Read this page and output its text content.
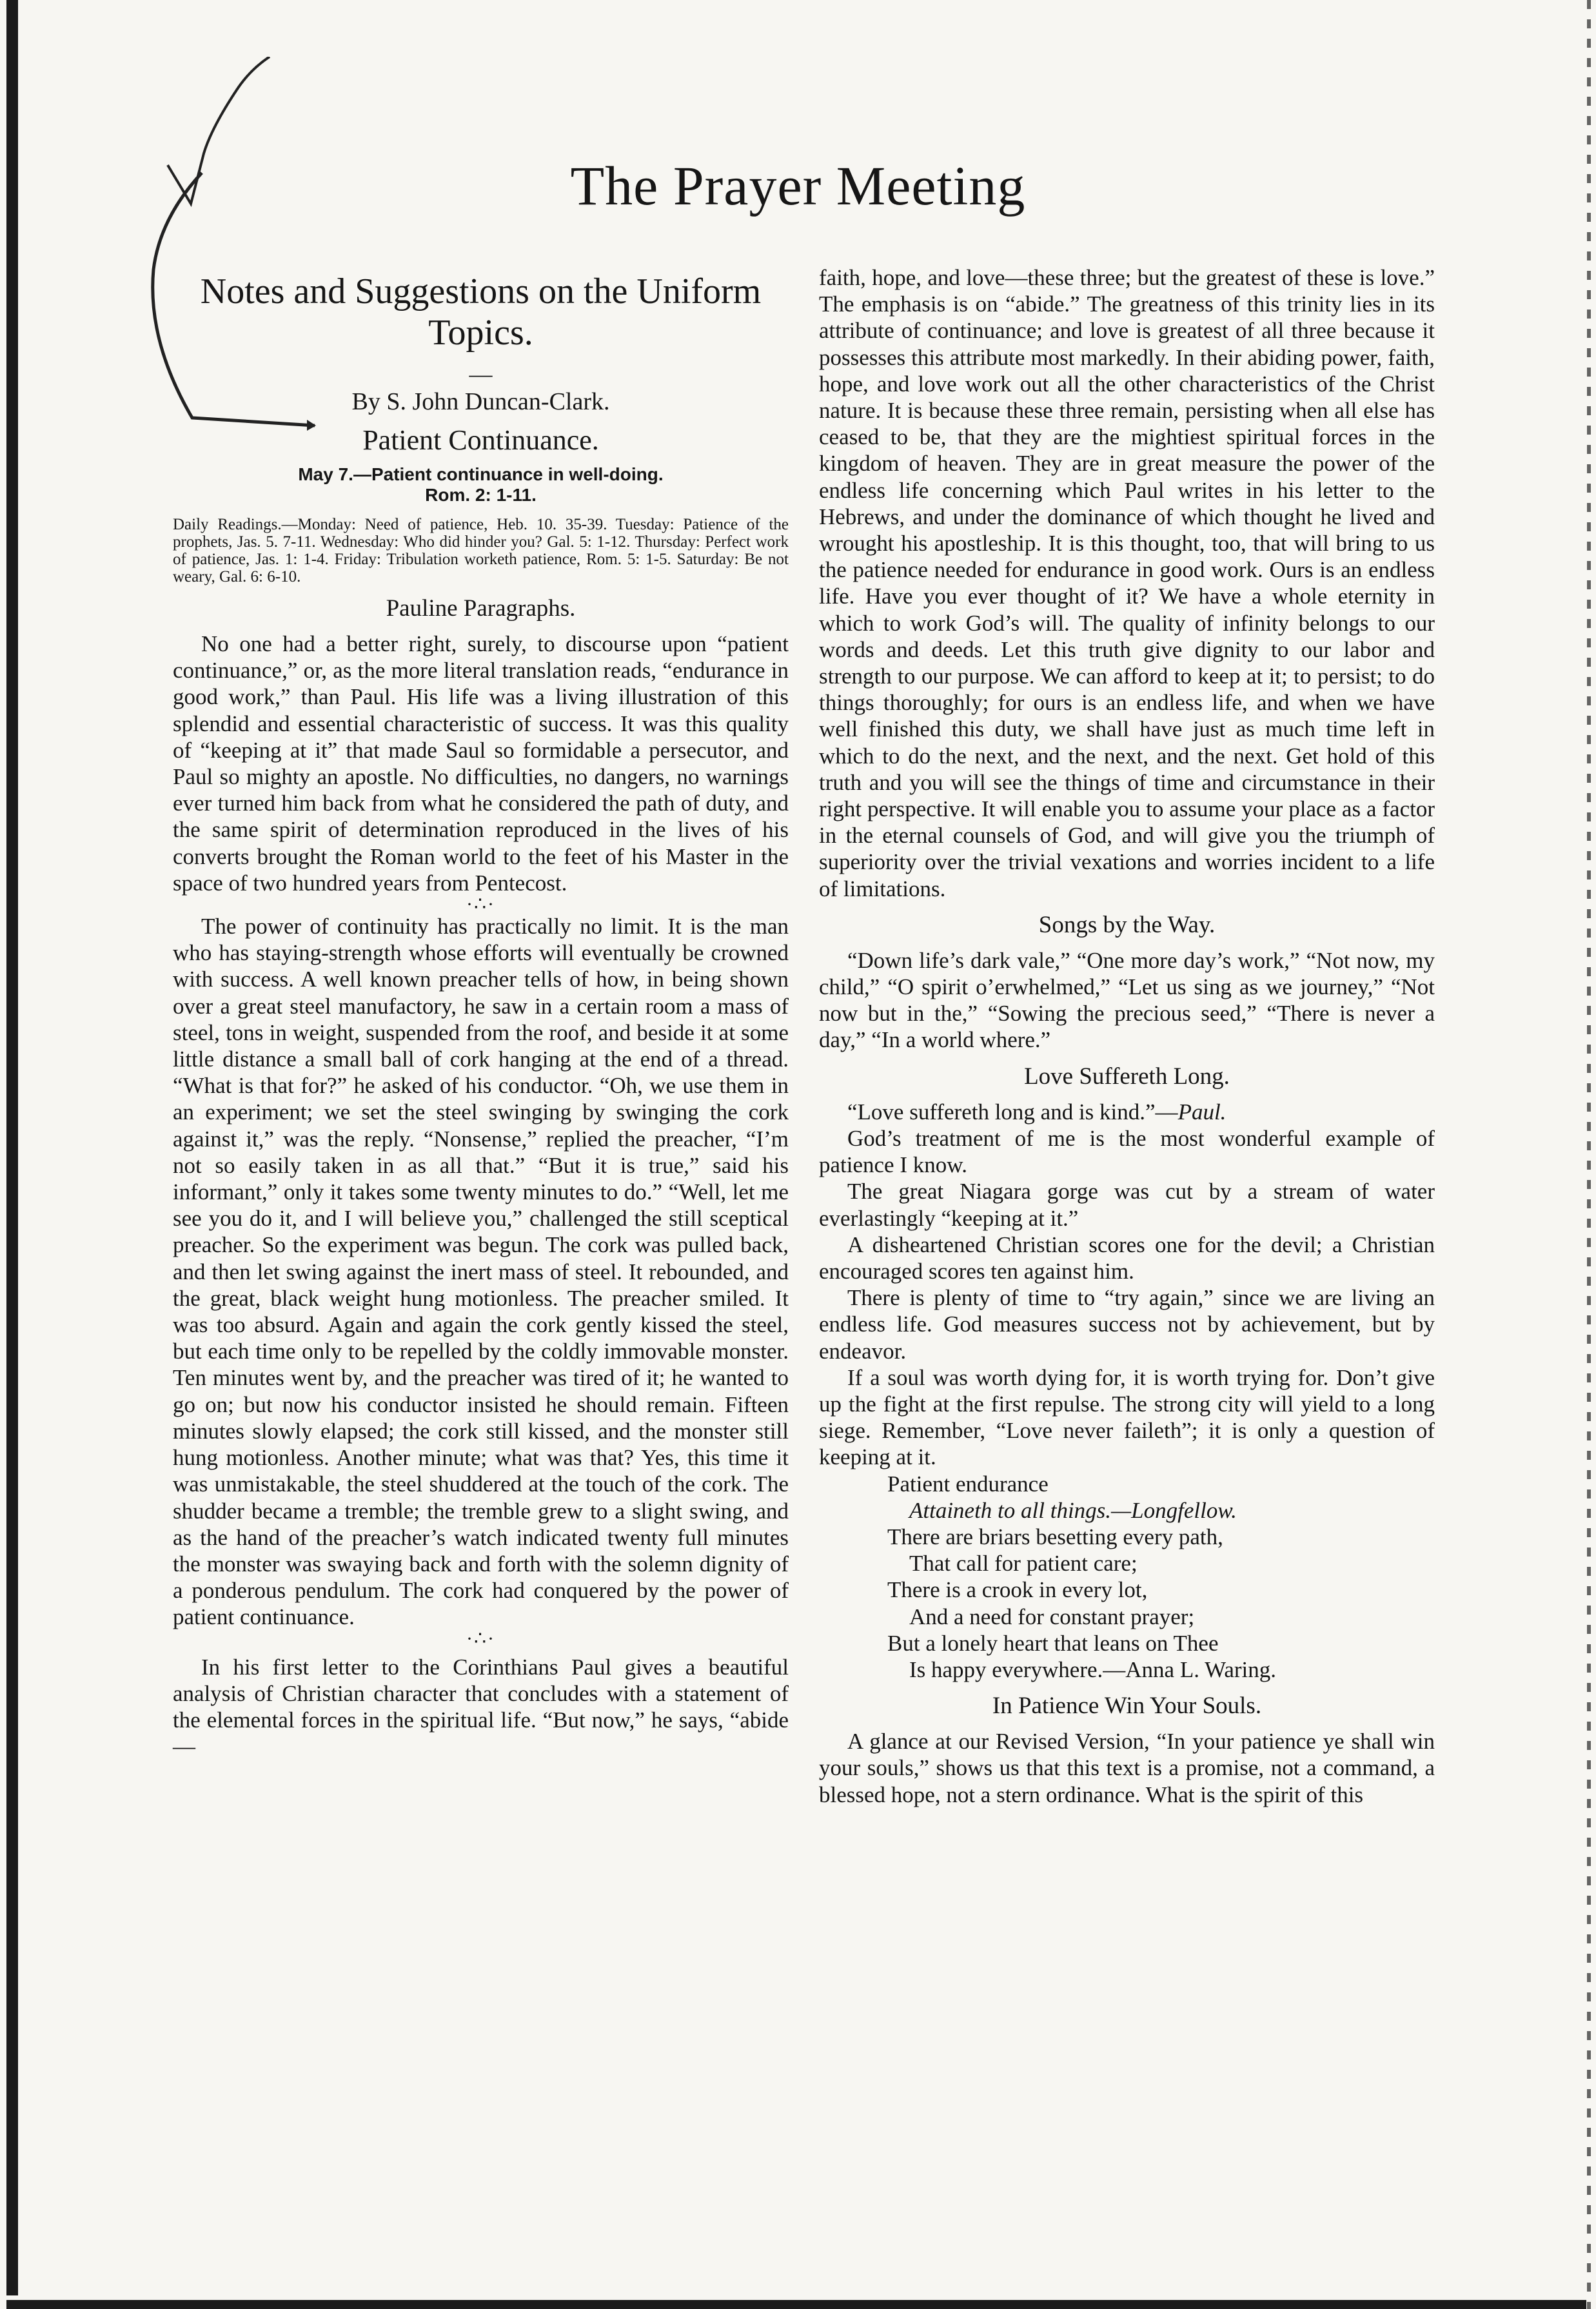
The Prayer Meeting
Notes and Suggestions on the Uniform Topics.
—
By S. John Duncan-Clark.
Patient Continuance.
May 7.—Patient continuance in well-doing.
Rom. 2: 1-11.

Daily Readings.—Monday: Need of patience, Heb. 10. 35-39. Tuesday: Patience of the prophets, Jas. 5. 7-11. Wednesday: Who did hinder you? Gal. 5: 1-12. Thursday: Perfect work of patience, Jas. 1: 1-4. Friday: Tribulation worketh patience, Rom. 5: 1-5. Saturday: Be not weary, Gal. 6: 6-10.

Pauline Paragraphs.

No one had a better right, surely, to discourse upon “patient continuance,” or, as the more literal translation reads, “endurance in good work,” than Paul. His life was a living illustration of this splendid and essential characteristic of success. It was this quality of “keeping at it” that made Saul so formidable a persecutor, and Paul so mighty an apostle. No difficulties, no dangers, no warnings ever turned him back from what he considered the path of duty, and the same spirit of determination reproduced in the lives of his converts brought the Roman world to the feet of his Master in the space of two hundred years from Pentecost.

·∴·

The power of continuity has practically no limit. It is the man who has staying-strength whose efforts will eventually be crowned with success. A well known preacher tells of how, in being shown over a great steel manufactory, he saw in a certain room a mass of steel, tons in weight, suspended from the roof, and beside it at some little distance a small ball of cork hanging at the end of a thread. “What is that for?” he asked of his conductor. “Oh, we use them in an experiment; we set the steel swinging by swinging the cork against it,” was the reply. “Nonsense,” replied the preacher, “I’m not so easily taken in as all that.” “But it is true,” said his informant,” only it takes some twenty minutes to do.” “Well, let me see you do it, and I will believe you,” challenged the still sceptical preacher. So the experiment was begun. The cork was pulled back, and then let swing against the inert mass of steel. It rebounded, and the great, black weight hung motionless. The preacher smiled. It was too absurd. Again and again the cork gently kissed the steel, but each time only to be repelled by the coldly immovable monster. Ten minutes went by, and the preacher was tired of it; he wanted to go on; but now his conductor insisted he should remain. Fifteen minutes slowly elapsed; the cork still kissed, and the monster still hung motionless. Another minute; what was that? Yes, this time it was unmistakable, the steel shuddered at the touch of the cork. The shudder became a tremble; the tremble grew to a slight swing, and as the hand of the preacher’s watch indicated twenty full minutes the monster was swaying back and forth with the solemn dignity of a ponderous pendulum. The cork had conquered by the power of patient continuance.

·∴·

In his first letter to the Corinthians Paul gives a beautiful analysis of Christian character that concludes with a statement of the elemental forces in the spiritual life. “But now,” he says, “abide—

faith, hope, and love—these three; but the greatest of these is love.” The emphasis is on “abide.” The greatness of this trinity lies in its attribute of continuance; and love is greatest of all three because it possesses this attribute most markedly. In their abiding power, faith, hope, and love work out all the other characteristics of the Christ nature. It is because these three remain, persisting when all else has ceased to be, that they are the mightiest spiritual forces in the kingdom of heaven. They are in great measure the power of the endless life concerning which Paul writes in his letter to the Hebrews, and under the dominance of which thought he lived and wrought his apostleship. It is this thought, too, that will bring to us the patience needed for endurance in good work. Ours is an endless life. Have you ever thought of it? We have a whole eternity in which to work God’s will. The quality of infinity belongs to our words and deeds. Let this truth give dignity to our labor and strength to our purpose. We can afford to keep at it; to persist; to do things thoroughly; for ours is an endless life, and when we have well finished this duty, we shall have just as much time left in which to do the next, and the next, and the next. Get hold of this truth and you will see the things of time and circumstance in their right perspective. It will enable you to assume your place as a factor in the eternal counsels of God, and will give you the triumph of superiority over the trivial vexations and worries incident to a life of limitations.

Songs by the Way.

“Down life’s dark vale,” “One more day’s work,” “Not now, my child,” “O spirit o’erwhelmed,” “Let us sing as we journey,” “Not now but in the,” “Sowing the precious seed,” “There is never a day,” “In a world where.”

Love Suffereth Long.

“Love suffereth long and is kind.”—Paul.

God’s treatment of me is the most wonderful example of patience I know.

The great Niagara gorge was cut by a stream of water everlastingly “keeping at it.”

A disheartened Christian scores one for the devil; a Christian encouraged scores ten against him.

There is plenty of time to “try again,” since we are living an endless life. God measures success not by achievement, but by endeavor.

If a soul was worth dying for, it is worth trying for. Don’t give up the fight at the first repulse. The strong city will yield to a long siege. Remember, “Love never faileth”; it is only a question of keeping at it.

Patient endurance
Attaineth to all things.—Longfellow.
There are briars besetting every path,
That call for patient care;
There is a crook in every lot,
And a need for constant prayer;
But a lonely heart that leans on Thee
Is happy everywhere.—Anna L. Waring.
In Patience Win Your Souls.

A glance at our Revised Version, “In your patience ye shall win your souls,” shows us that this text is a promise, not a command, a blessed hope, not a stern ordinance. What is the spirit of this
